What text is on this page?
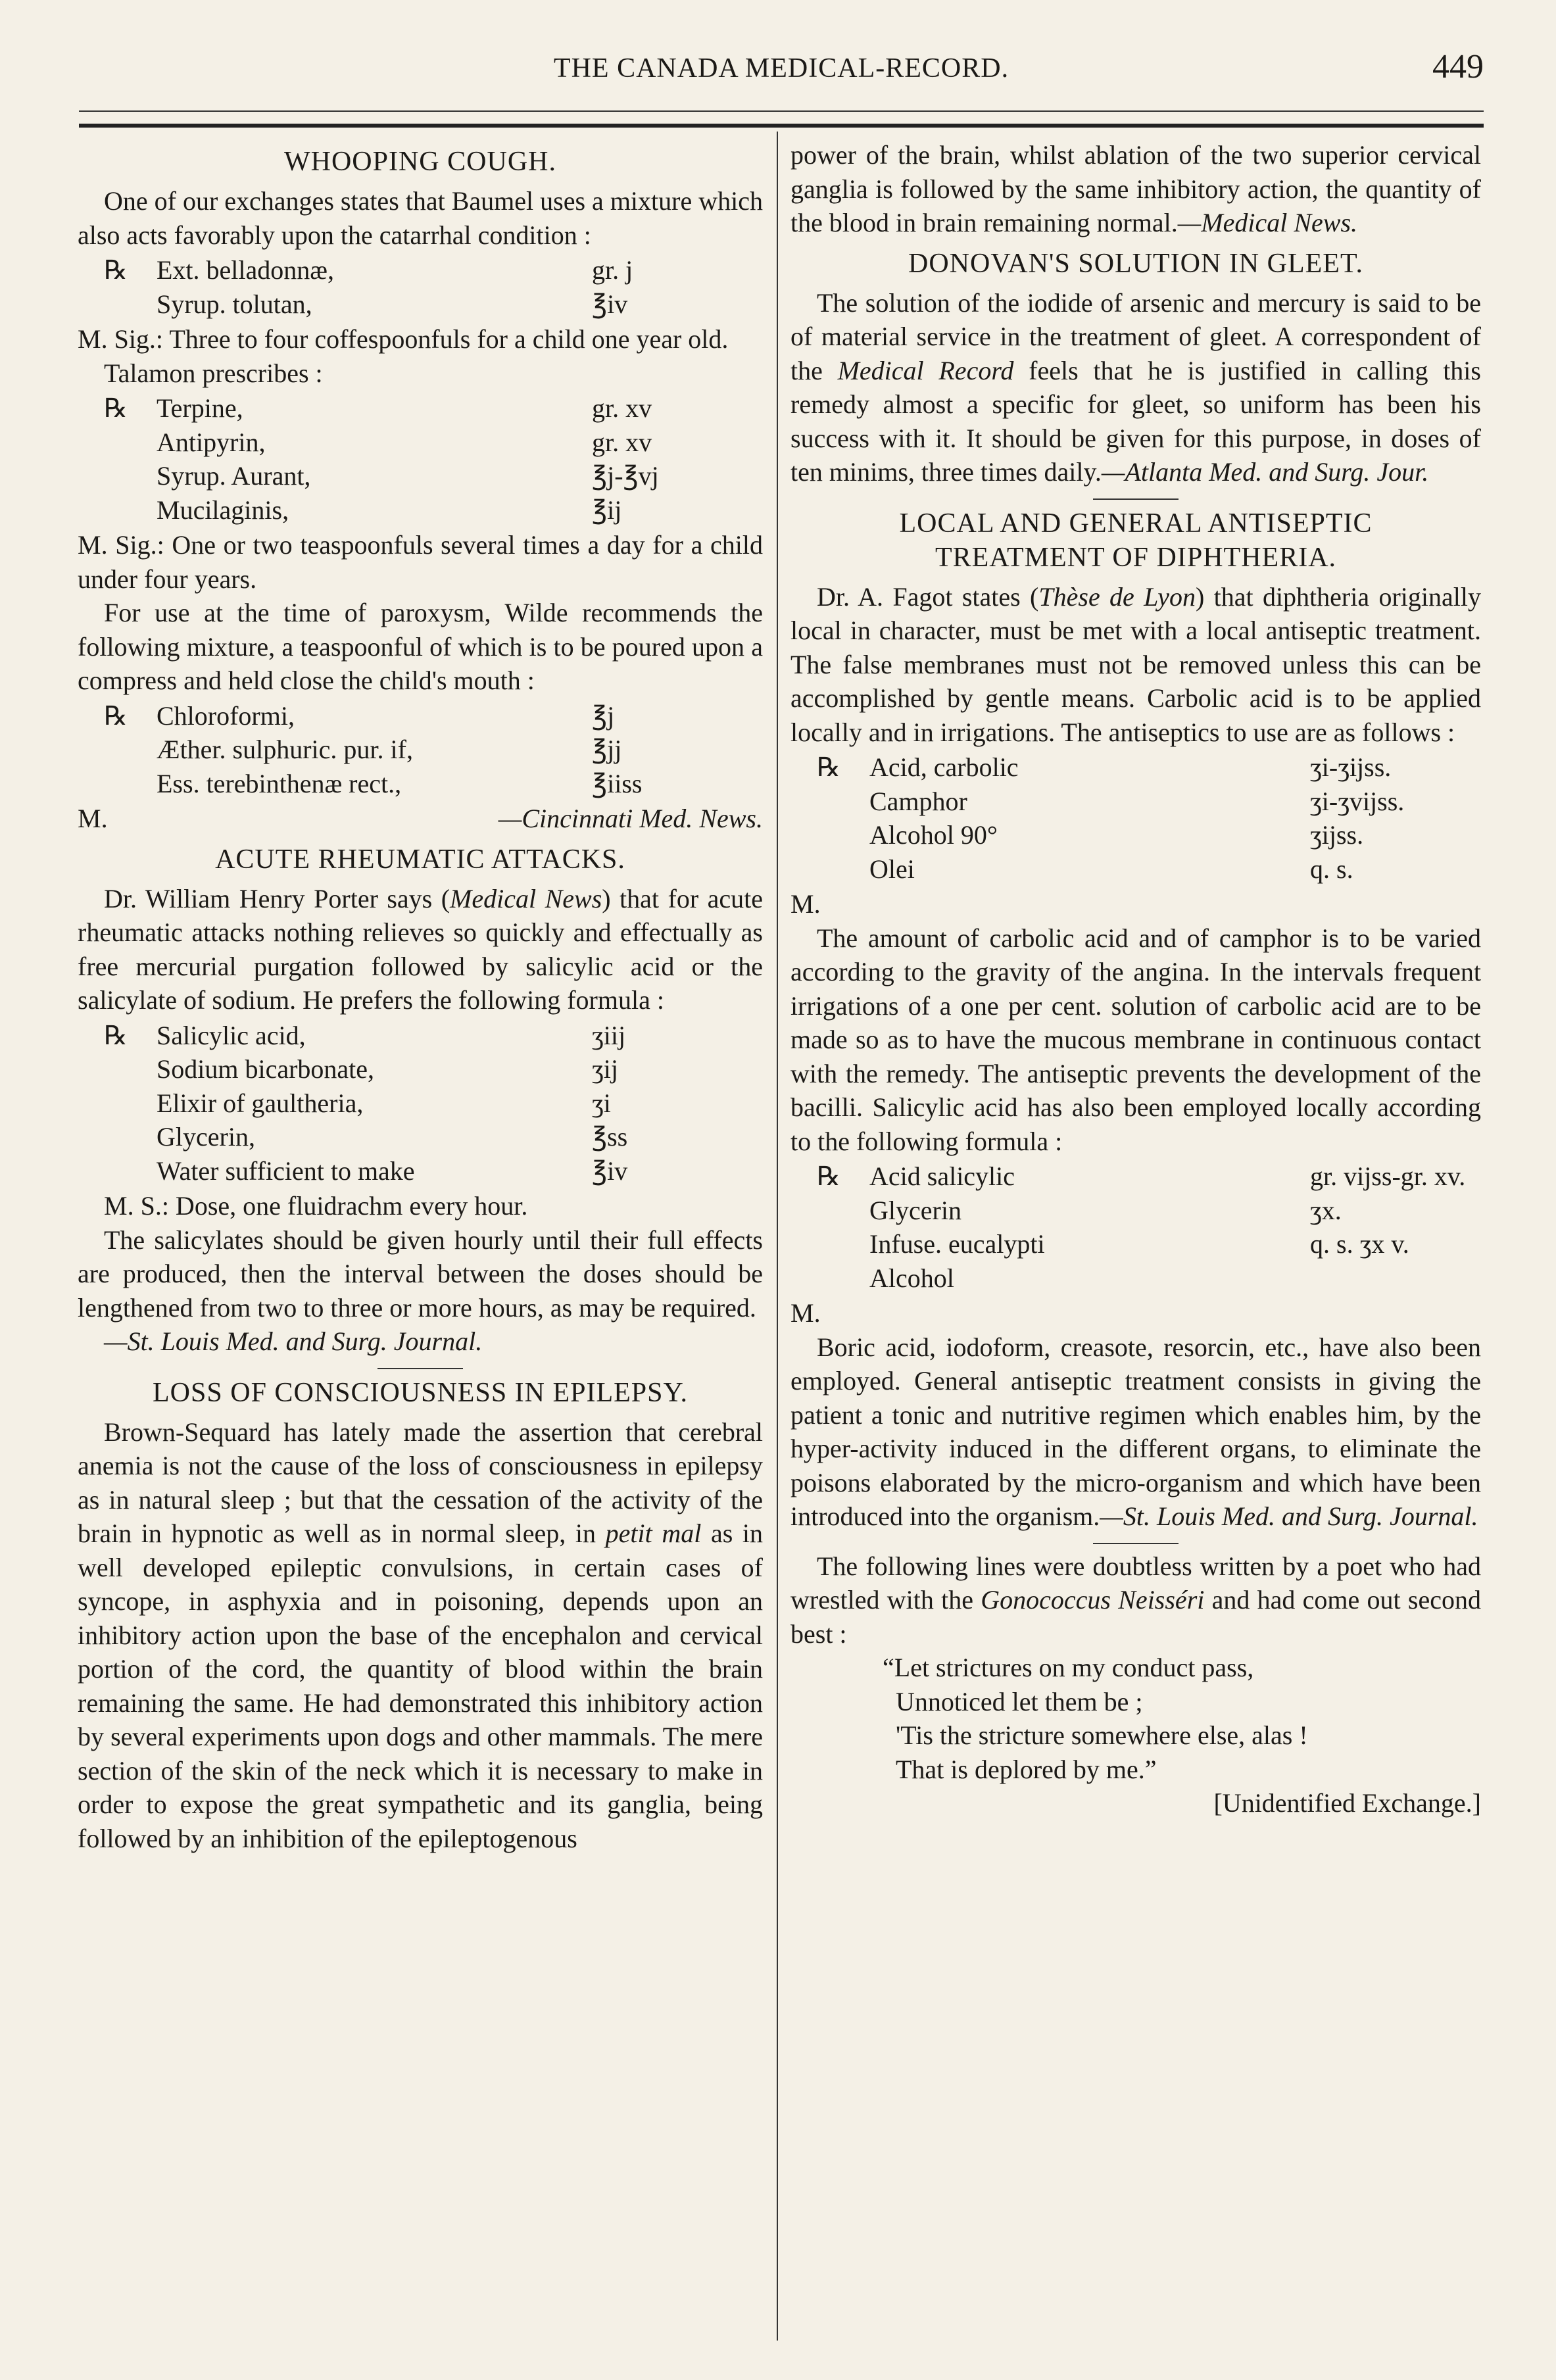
THE CANADA MEDICAL-RECORD.	449
WHOOPING COUGH.

One of our exchanges states that Baumel uses a mixture which also acts favorably upon the catarrhal condition :

℞	Ext. belladonnæ,	gr. j
Syrup. tolutan,	℥iv

M. Sig.: Three to four coffespoonfuls for a child one year old.

Talamon prescribes :

℞	Terpine,	gr. xv
Antipyrin,	gr. xv
Syrup. Aurant,	℥j-℥vj
Mucilaginis,	℥ij

M. Sig.: One or two teaspoonfuls several times a day for a child under four years.

For use at the time of paroxysm, Wilde recommends the following mixture, a teaspoonful of which is to be poured upon a compress and held close the child's mouth :

℞	Chloroformi,	℥j
Æther. sulphuric. pur. if,	℥jj
Ess. terebinthenæ rect.,	℥iiss
M.	—Cincinnati Med. News.
ACUTE RHEUMATIC ATTACKS.

Dr. William Henry Porter says (Medical News) that for acute rheumatic attacks nothing relieves so quickly and effectually as free mercurial purgation followed by salicylic acid or the salicylate of sodium. He prefers the following formula :

℞	Salicylic acid,	ʒiij
Sodium bicarbonate,	ʒij
Elixir of gaultheria,	ʒi
Glycerin,	℥ss
Water sufficient to make	℥iv

M. S.: Dose, one fluidrachm every hour.

The salicylates should be given hourly until their full effects are produced, then the interval between the doses should be lengthened from two to three or more hours, as may be required.

—St. Louis Med. and Surg. Journal.

LOSS OF CONSCIOUSNESS IN EPILEPSY.

Brown-Sequard has lately made the assertion that cerebral anemia is not the cause of the loss of consciousness in epilepsy as in natural sleep ; but that the cessation of the activity of the brain in hypnotic as well as in normal sleep, in petit mal as in well developed epileptic convulsions, in certain cases of syncope, in asphyxia and in poisoning, depends upon an inhibitory action upon the base of the encephalon and cervical portion of the cord, the quantity of blood within the brain remaining the same. He had demonstrated this inhibitory action by several experiments upon dogs and other mammals. The mere section of the skin of the neck which it is necessary to make in order to expose the great sympathetic and its ganglia, being followed by an inhibition of the epileptogenous

power of the brain, whilst ablation of the two superior cervical ganglia is followed by the same inhibitory action, the quantity of the blood in brain remaining normal.—Medical News.

DONOVAN'S SOLUTION IN GLEET.

The solution of the iodide of arsenic and mercury is said to be of material service in the treatment of gleet. A correspondent of the Medical Record feels that he is justified in calling this remedy almost a specific for gleet, so uniform has been his success with it. It should be given for this purpose, in doses of ten minims, three times daily.—Atlanta Med. and Surg. Jour.

LOCAL AND GENERAL ANTISEPTIC
TREATMENT OF DIPHTHERIA.

Dr. A. Fagot states (Thèse de Lyon) that diphtheria originally local in character, must be met with a local antiseptic treatment. The false membranes must not be removed unless this can be accomplished by gentle means. Carbolic acid is to be applied locally and in irrigations. The antiseptics to use are as follows :

℞	Acid, carbolic	ʒi-ʒijss.
Camphor	ʒi-ʒvijss.
Alcohol 90°	ʒijss.
Olei	q. s.

M.

The amount of carbolic acid and of camphor is to be varied according to the gravity of the angina. In the intervals frequent irrigations of a one per cent. solution of carbolic acid are to be made so as to have the mucous membrane in continuous contact with the remedy. The antiseptic prevents the development of the bacilli. Salicylic acid has also been employed locally according to the following formula :

℞	Acid salicylic	gr. vijss-gr. xv.
Glycerin	ʒx.
Infuse. eucalypti	q. s. ʒx v.
Alcohol

M.

Boric acid, iodoform, creasote, resorcin, etc., have also been employed. General antiseptic treatment consists in giving the patient a tonic and nutritive regimen which enables him, by the hyper-activity induced in the different organs, to eliminate the poisons elaborated by the micro-organism and which have been introduced into the organism.—St. Louis Med. and Surg. Journal.

The following lines were doubtless written by a poet who had wrestled with the Gonococcus Neisséri and had come out second best :

“Let strictures on my conduct pass,
Unnoticed let them be ;
'Tis the stricture somewhere else, alas !
That is deplored by me.”
[Unidentified Exchange.]
